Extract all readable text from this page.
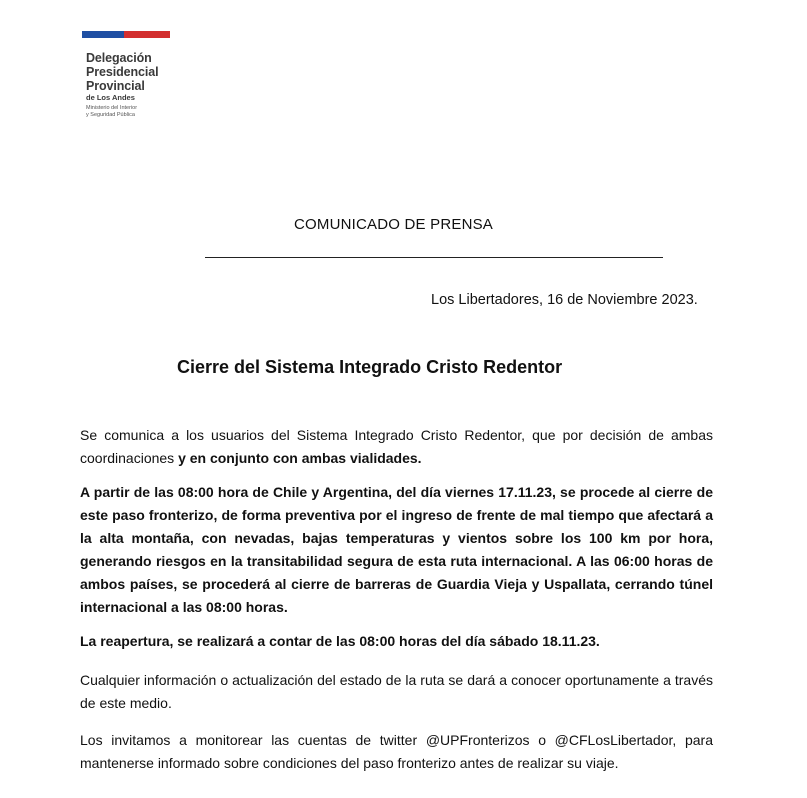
Delegación
Presidencial
Provincial
de Los Andes
Ministerio del Interior
y Seguridad Pública
COMUNICADO DE PRENSA
Los Libertadores, 16 de Noviembre 2023.
Cierre del Sistema Integrado Cristo Redentor
Se comunica a los usuarios del Sistema Integrado Cristo Redentor, que por decisión de ambas coordinaciones y en conjunto con ambas vialidades.
A partir de las 08:00 hora de Chile y Argentina, del día viernes 17.11.23, se procede al cierre de este paso fronterizo, de forma preventiva por el ingreso de frente de mal tiempo que afectará a la alta montaña, con nevadas, bajas temperaturas y vientos sobre los 100 km por hora, generando riesgos en la transitabilidad segura de esta ruta internacional. A las 06:00 horas de ambos países, se procederá al cierre de barreras de Guardia Vieja y Uspallata, cerrando túnel internacional a las 08:00 horas.
La reapertura, se realizará a contar de las 08:00 horas del día sábado 18.11.23.
Cualquier información o actualización del estado de la ruta se dará a conocer oportunamente a través de este medio.
Los invitamos a monitorear las cuentas de twitter @UPFronterizos o @CFLosLibertador, para mantenerse informado sobre condiciones del paso fronterizo antes de realizar su viaje.
